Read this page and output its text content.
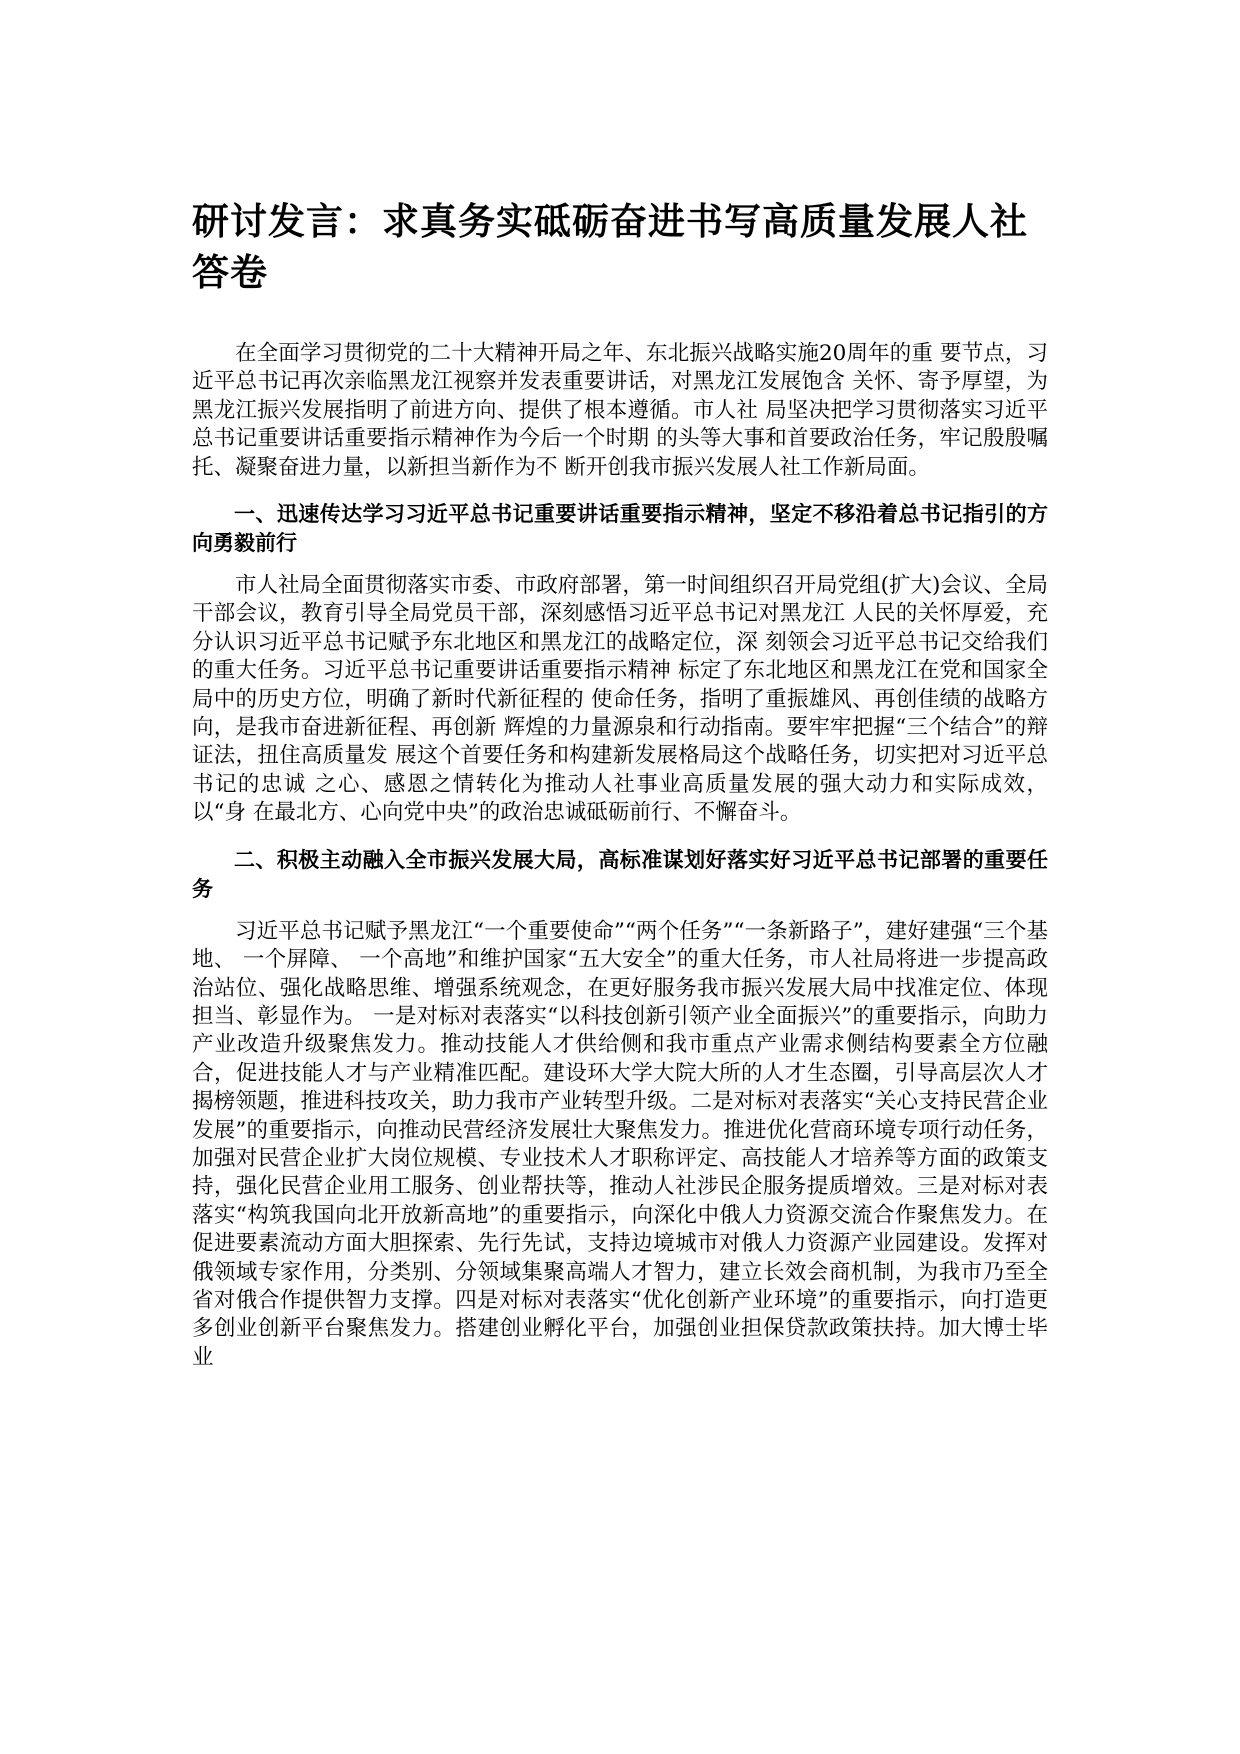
研讨发言：求真务实砥砺奋进书写高质量发展人社答卷

在全面学习贯彻党的二十大精神开局之年、东北振兴战略实施20周年的重 要节点，习近平总书记再次亲临黑龙江视察并发表重要讲话，对黑龙江发展饱含 关怀、寄予厚望，为黑龙江振兴发展指明了前进方向、提供了根本遵循。市人社 局坚决把学习贯彻落实习近平总书记重要讲话重要指示精神作为今后一个时期 的头等大事和首要政治任务，牢记殷殷嘱托、凝聚奋进力量，以新担当新作为不 断开创我市振兴发展人社工作新局面。

一、迅速传达学习习近平总书记重要讲话重要指示精神，坚定不移沿着总书记指引的方向勇毅前行

市人社局全面贯彻落实市委、市政府部署，第一时间组织召开局党组(扩大)会议、全局干部会议，教育引导全局党员干部，深刻感悟习近平总书记对黑龙江 人民的关怀厚爱，充分认识习近平总书记赋予东北地区和黑龙江的战略定位，深 刻领会习近平总书记交给我们的重大任务。习近平总书记重要讲话重要指示精神 标定了东北地区和黑龙江在党和国家全局中的历史方位，明确了新时代新征程的 使命任务，指明了重振雄风、再创佳绩的战略方向，是我市奋进新征程、再创新 辉煌的力量源泉和行动指南。要牢牢把握“三个结合”的辩证法，扭住高质量发 展这个首要任务和构建新发展格局这个战略任务，切实把对习近平总书记的忠诚 之心、感恩之情转化为推动人社事业高质量发展的强大动力和实际成效，以“身 在最北方、心向党中央”的政治忠诚砥砺前行、不懈奋斗。

二、积极主动融入全市振兴发展大局，高标准谋划好落实好习近平总书记部署的重要任务

习近平总书记赋予黑龙江“一个重要使命”“两个任务”“一条新路子”，建好建强“三个基地、 一个屏障、 一个高地”和维护国家“五大安全”的重大任务，市人社局将进一步提高政治站位、强化战略思维、增强系统观念，在更好服务我市振兴发展大局中找准定位、体现担当、彰显作为。 一是对标对表落实“以科技创新引领产业全面振兴”的重要指示，向助力产业改造升级聚焦发力。推动技能人才供给侧和我市重点产业需求侧结构要素全方位融合，促进技能人才与产业精准匹配。建设环大学大院大所的人才生态圈，引导高层次人才揭榜领题，推进科技攻关，助力我市产业转型升级。二是对标对表落实“关心支持民营企业发展”的重要指示，向推动民营经济发展壮大聚焦发力。推进优化营商环境专项行动任务，加强对民营企业扩大岗位规模、专业技术人才职称评定、高技能人才培养等方面的政策支持，强化民营企业用工服务、创业帮扶等，推动人社涉民企服务提质增效。三是对标对表落实“构筑我国向北开放新高地”的重要指示，向深化中俄人力资源交流合作聚焦发力。在促进要素流动方面大胆探索、先行先试，支持边境城市对俄人力资源产业园建设。发挥对俄领域专家作用，分类别、分领域集聚高端人才智力，建立长效会商机制，为我市乃至全省对俄合作提供智力支撑。四是对标对表落实“优化创新产业环境”的重要指示，向打造更多创业创新平台聚焦发力。搭建创业孵化平台，加强创业担保贷款政策扶持。加大博士毕业
